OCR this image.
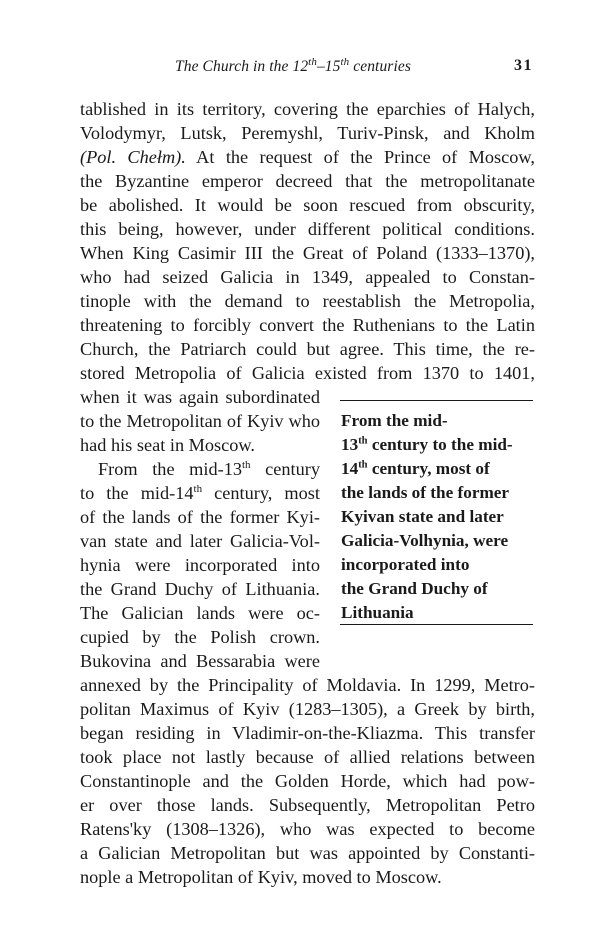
The Church in the 12th–15th centuries	31
tablished in its territory, covering the eparchies of Halych,
Volodymyr, Lutsk, Peremyshl, Turiv-Pinsk, and Kholm
(Pol. Chełm). At the request of the Prince of Moscow,
the Byzantine emperor decreed that the metropolitanate
be abolished. It would be soon rescued from obscurity,
this being, however, under different political conditions.
When King Casimir III the Great of Poland (1333–1370),
who had seized Galicia in 1349, appealed to Constan-
tinople with the demand to reestablish the Metropolia,
threatening to forcibly convert the Ruthenians to the Latin
Church, the Patriarch could but agree. This time, the re-
stored Metropolia of Galicia existed from 1370 to 1401,
when it was again subordinated
to the Metropolitan of Kyiv who
had his seat in Moscow.
From the mid-13th century
to the mid-14th century, most
of the lands of the former Kyi-
van state and later Galicia-Vol-
hynia were incorporated into
the Grand Duchy of Lithuania.
The Galician lands were oc-
cupied by the Polish crown.
Bukovina and Bessarabia were
annexed by the Principality of Moldavia. In 1299, Metro-
politan Maximus of Kyiv (1283–1305), a Greek by birth,
began residing in Vladimir-on-the-Kliazma. This transfer
took place not lastly because of allied relations between
Constantinople and the Golden Horde, which had pow-
er over those lands. Subsequently, Metropolitan Petro
Ratens'ky (1308–1326), who was expected to become
a Galician Metropolitan but was appointed by Constanti-
nople a Metropolitan of Kyiv, moved to Moscow.
From the mid-
13th century to the mid-
14th century, most of
the lands of the former
Kyivan state and later
Galicia-Volhynia, were
incorporated into
the Grand Duchy of
Lithuania
